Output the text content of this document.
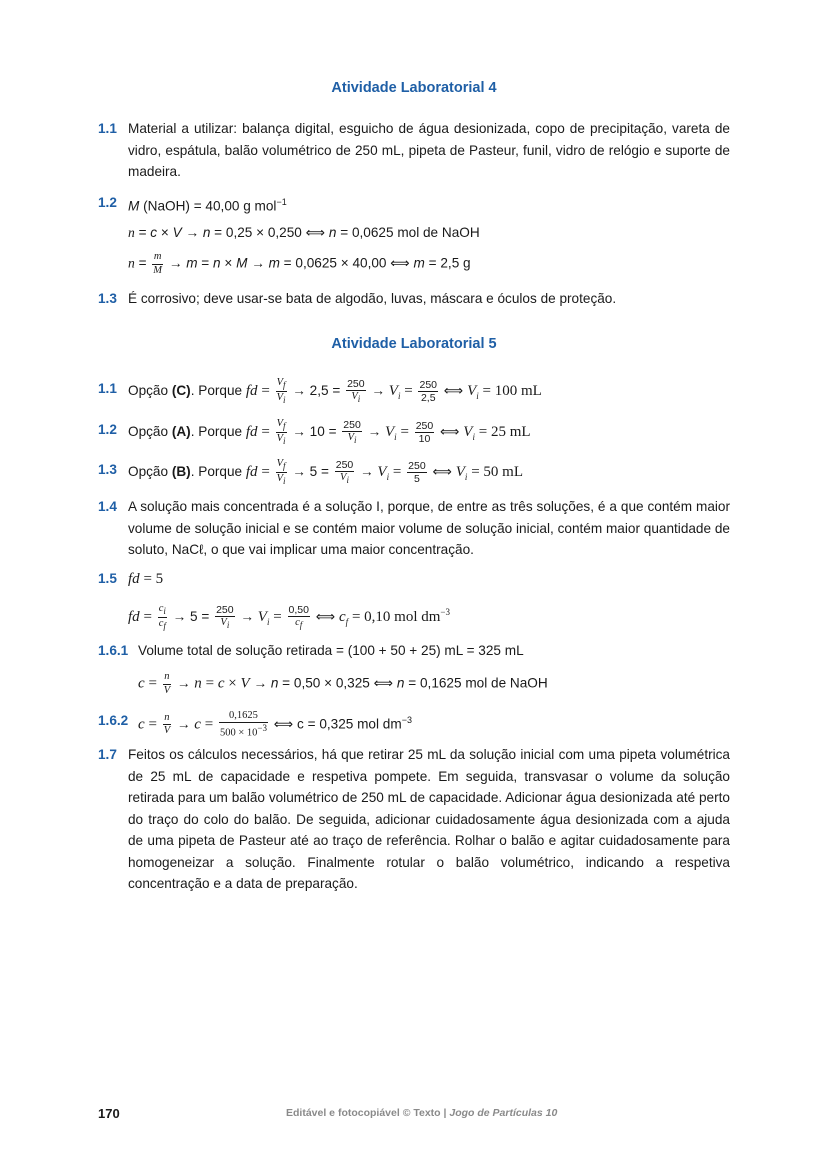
Atividade Laboratorial 4
1.1 Material a utilizar: balança digital, esguicho de água desionizada, copo de precipitação, vareta de vidro, espátula, balão volumétrico de 250 mL, pipeta de Pasteur, funil, vidro de relógio e suporte de madeira.
1.2 M (NaOH) = 40,00 g mol$^{-1}$
n = c × V → n = 0,25 × 0,250 ⟺ n = 0,0625 mol de NaOH
$n = \frac{m}{M} \to m = n \times M \to m = 0,0625 \times 40,00$ ⟺ m = 2,5 g
1.3 É corrosivo; deve usar-se bata de algodão, luvas, máscara e óculos de proteção.
Atividade Laboratorial 5
1.1 Opção (C). Porque fd = $\frac{V_f}{V_i} \to 2,5 = \frac{250}{V_i} \to V_i = \frac{250}{2,5}$ ⟺ $V_i = 100$ mL
1.2 Opção (A). Porque fd = $\frac{V_f}{V_i} \to 10 = \frac{250}{V_i} \to V_i = \frac{250}{10}$ ⟺ $V_i = 25$ mL
1.3 Opção (B). Porque fd = $\frac{V_f}{V_i} \to 5 = \frac{250}{V_i} \to V_i = \frac{250}{5}$ ⟺ $V_i = 50$ mL
1.4 A solução mais concentrada é a solução I, porque, de entre as três soluções, é a que contém maior volume de solução inicial e se contém maior volume de solução inicial, contém maior quantidade de soluto, NaCℓ, o que vai implicar uma maior concentração.
1.5 fd = 5
fd = $\frac{c_i}{c_f} \to 5 = \frac{250}{V_i} \to V_i = \frac{0,50}{c_f}$ ⟺ $c_f = 0,10$ mol $dm^{-3}$
1.6.1 Volume total de solução retirada = (100 + 50 + 25) mL = 325 mL
$c = \frac{n}{V} \to n = c \times V \to n = 0,50 \times 0,325$ ⟺ n = 0,1625 mol de NaOH
1.6.2 $c = \frac{n}{V} \to c = \frac{0,1625}{500 \times 10^{-3}}$ ⟺ c = 0,325 mol $dm^{-3}$
1.7 Feitos os cálculos necessários, há que retirar 25 mL da solução inicial com uma pipeta volumétrica de 25 mL de capacidade e respetiva pompete. Em seguida, transvasar o volume da solução retirada para um balão volumétrico de 250 mL de capacidade. Adicionar água desionizada até perto do traço do colo do balão. De seguida, adicionar cuidadosamente água desionizada com a ajuda de uma pipeta de Pasteur até ao traço de referência. Rolhar o balão e agitar cuidadosamente para homogeneizar a solução. Finalmente rotular o balão volumétrico, indicando a respetiva concentração e a data de preparação.
170	Editável e fotocopiável © Texto | Jogo de Partículas 10
